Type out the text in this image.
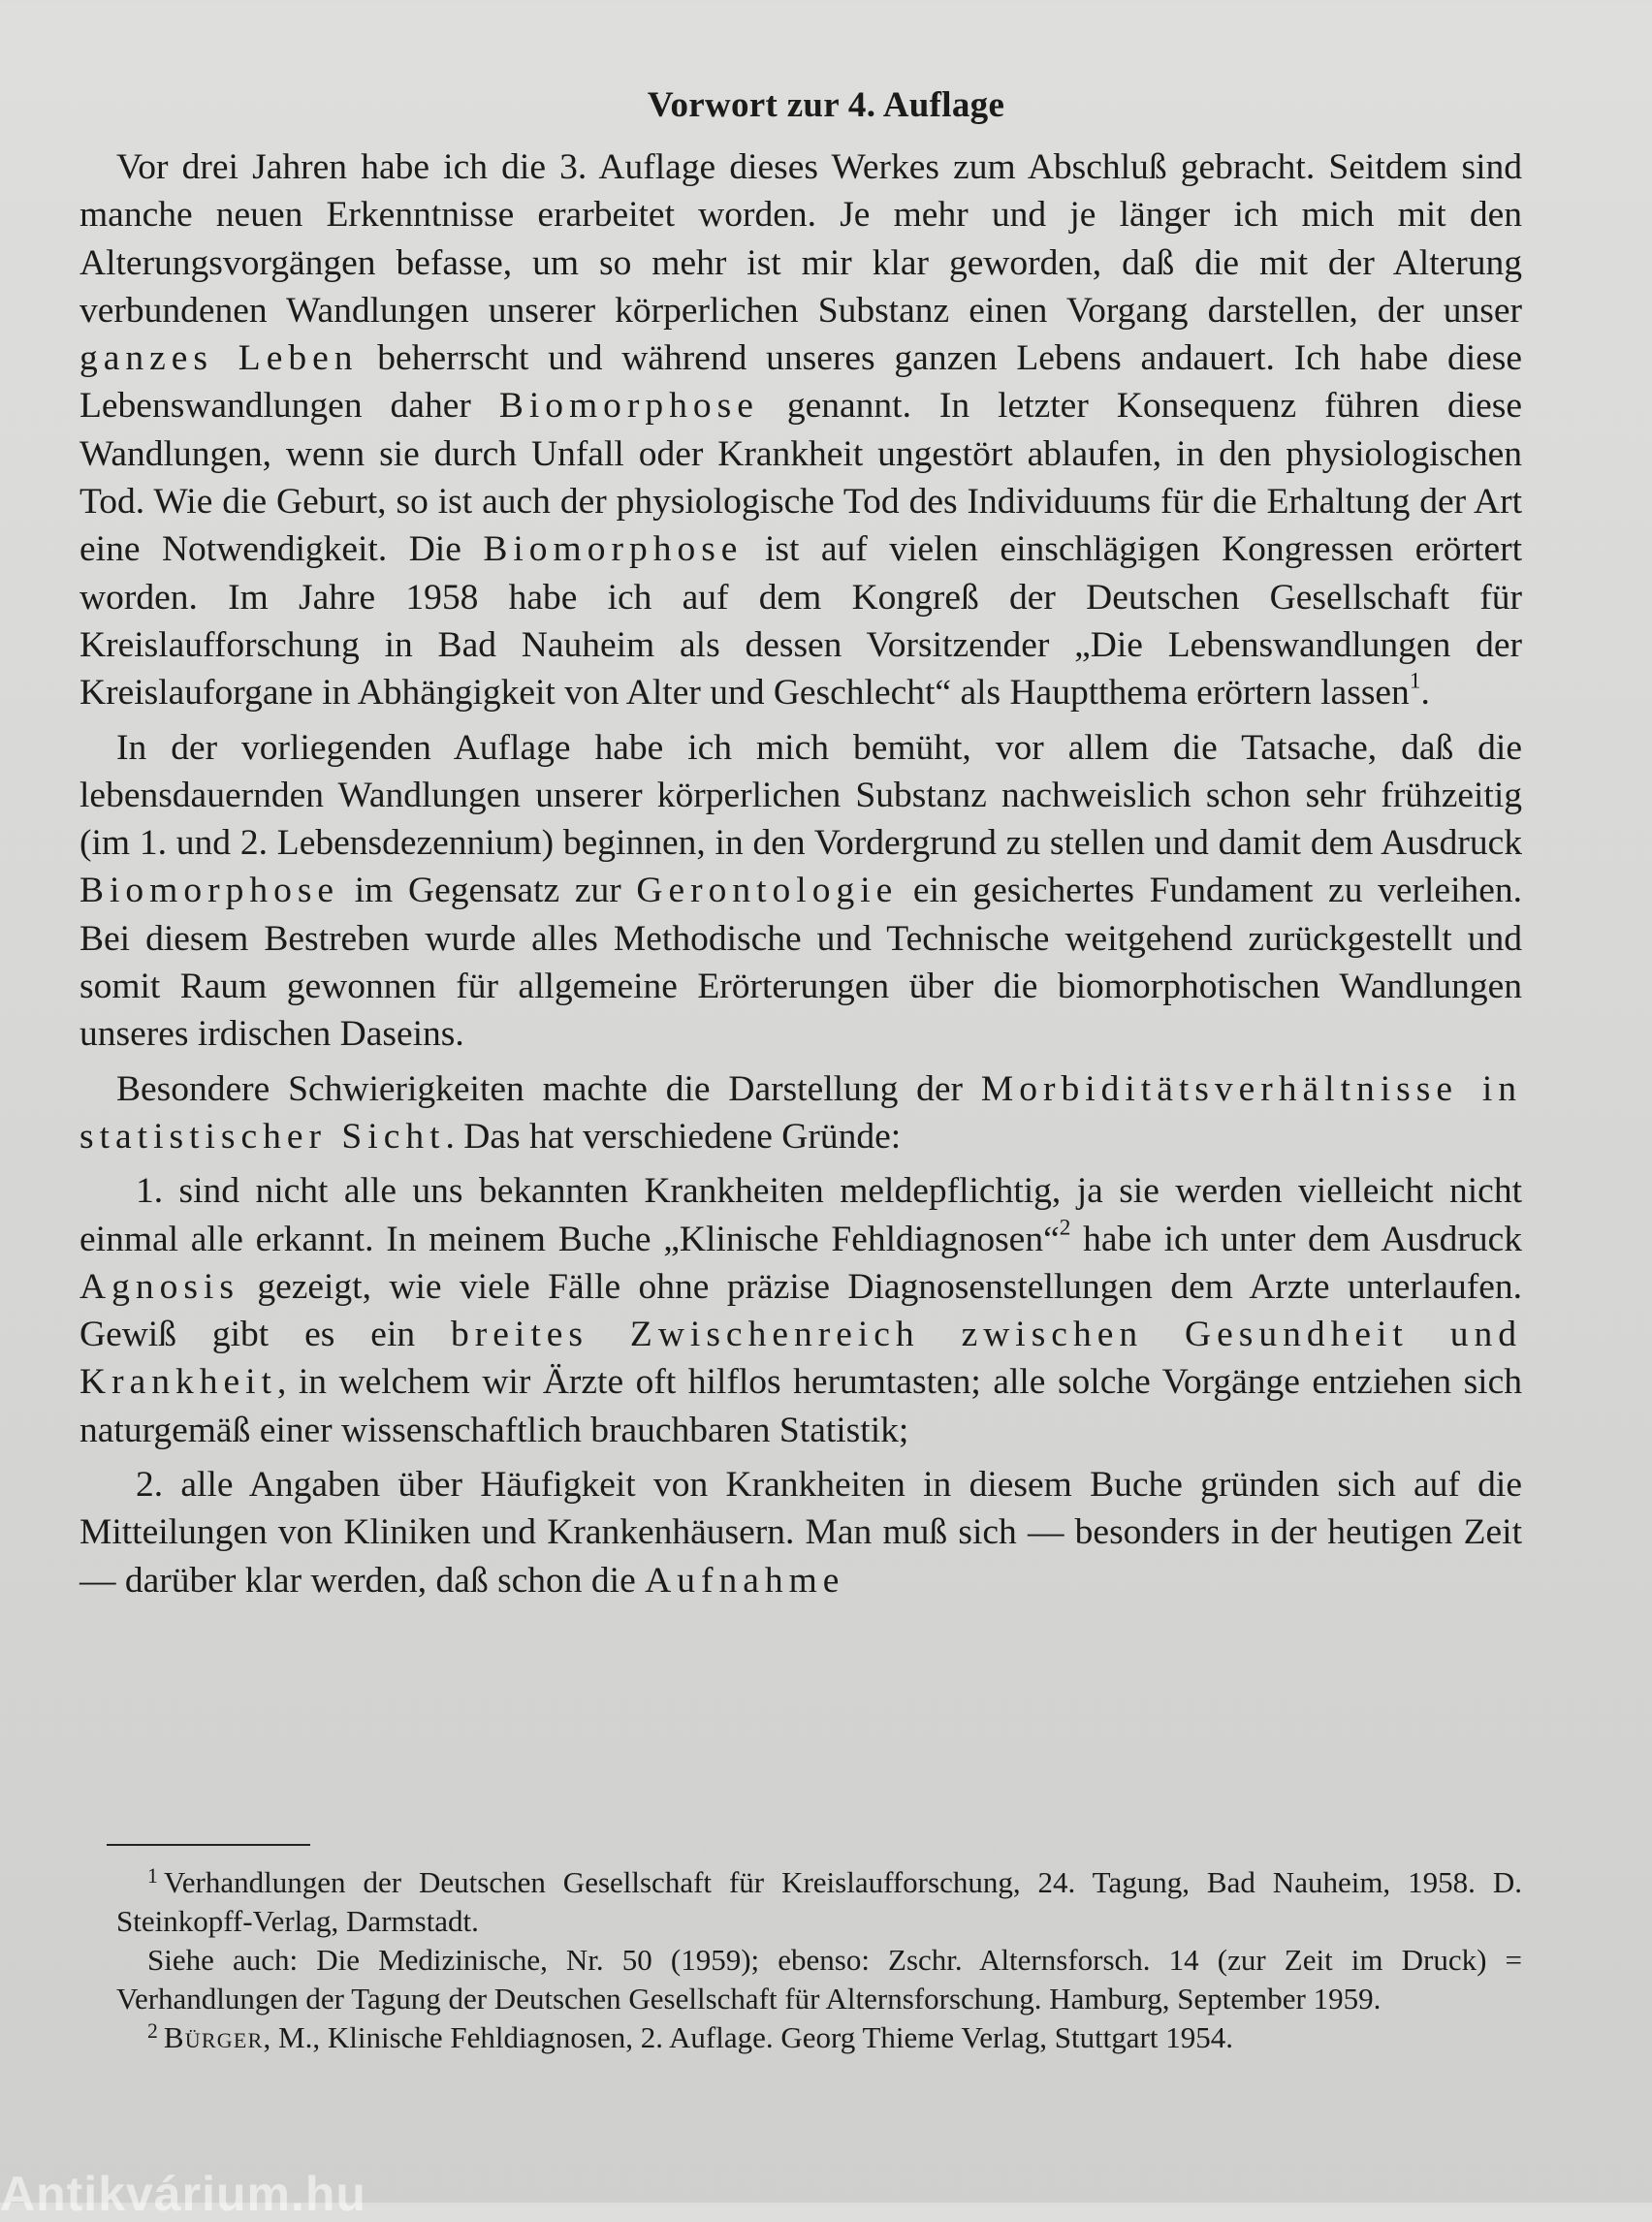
Vorwort zur 4. Auflage

Vor drei Jahren habe ich die 3. Auflage dieses Werkes zum Abschluß gebracht. Seitdem sind manche neuen Erkenntnisse erarbeitet worden. Je mehr und je länger ich mich mit den Alterungsvorgängen befasse, um so mehr ist mir klar geworden, daß die mit der Alterung verbundenen Wandlungen unserer körperlichen Substanz einen Vorgang darstellen, der unser ganzes Leben beherrscht und während unseres ganzen Lebens andauert. Ich habe diese Lebenswandlungen daher Biomorphose genannt. In letzter Konsequenz führen diese Wandlungen, wenn sie durch Unfall oder Krankheit ungestört ablaufen, in den physiologischen Tod. Wie die Geburt, so ist auch der physiologische Tod des Individuums für die Erhaltung der Art eine Notwendigkeit. Die Biomorphose ist auf vielen einschlägigen Kongressen erörtert worden. Im Jahre 1958 habe ich auf dem Kongreß der Deutschen Gesellschaft für Kreislaufforschung in Bad Nauheim als dessen Vorsitzender „Die Lebenswandlungen der Kreislauforgane in Abhängigkeit von Alter und Geschlecht“ als Hauptthema erörtern lassen$^1$.

In der vorliegenden Auflage habe ich mich bemüht, vor allem die Tatsache, daß die lebensdauernden Wandlungen unserer körperlichen Substanz nachweislich schon sehr frühzeitig (im 1. und 2. Lebensdezennium) beginnen, in den Vordergrund zu stellen und damit dem Ausdruck Biomorphose im Gegensatz zur Gerontologie ein gesichertes Fundament zu verleihen. Bei diesem Bestreben wurde alles Methodische und Technische weitgehend zurückgestellt und somit Raum gewonnen für allgemeine Erörterungen über die biomorphotischen Wandlungen unseres irdischen Daseins.

Besondere Schwierigkeiten machte die Darstellung der Morbiditätsverhältnisse in statistischer Sicht. Das hat verschiedene Gründe:

1. sind nicht alle uns bekannten Krankheiten meldepflichtig, ja sie werden vielleicht nicht einmal alle erkannt. In meinem Buche „Klinische Fehldiagnosen“$^2$ habe ich unter dem Ausdruck Agnosis gezeigt, wie viele Fälle ohne präzise Diagnosenstellungen dem Arzte unterlaufen. Gewiß gibt es ein breites Zwischenreich zwischen Gesundheit und Krankheit, in welchem wir Ärzte oft hilflos herumtasten; alle solche Vorgänge entziehen sich naturgemäß einer wissenschaftlich brauchbaren Statistik;

2. alle Angaben über Häufigkeit von Krankheiten in diesem Buche gründen sich auf die Mitteilungen von Kliniken und Krankenhäusern. Man muß sich — besonders in der heutigen Zeit — darüber klar werden, daß schon die Aufnahme

$^1$ Verhandlungen der Deutschen Gesellschaft für Kreislaufforschung, 24. Tagung, Bad Nauheim, 1958. D. Steinkopff-Verlag, Darmstadt.

Siehe auch: Die Medizinische, Nr. 50 (1959); ebenso: Zschr. Alternsforsch. 14 (zur Zeit im Druck) = Verhandlungen der Tagung der Deutschen Gesellschaft für Alternsforschung. Hamburg, September 1959.

$^2$ Bürger, M., Klinische Fehldiagnosen, 2. Auflage. Georg Thieme Verlag, Stuttgart 1954.

Antikvárium.hu
